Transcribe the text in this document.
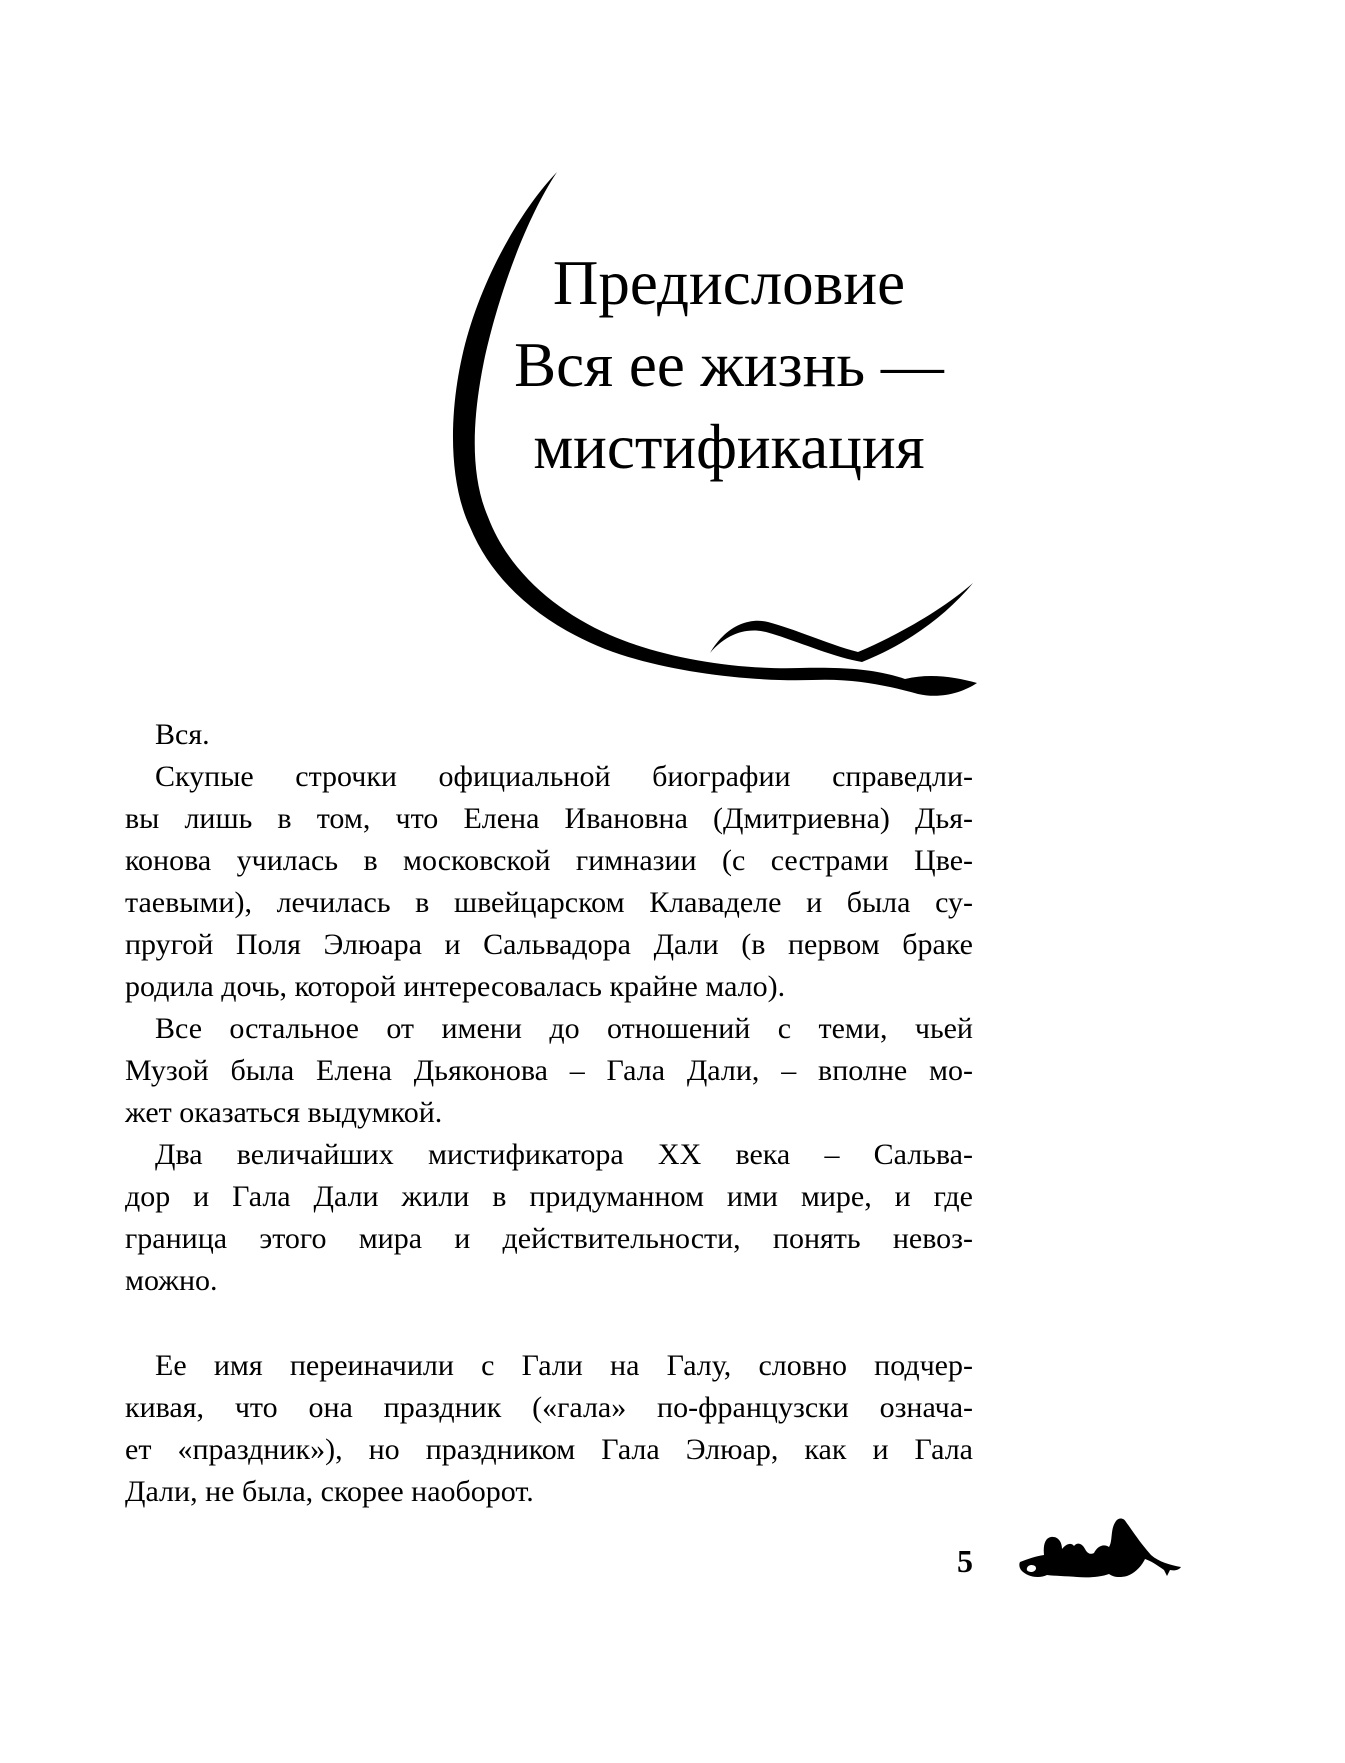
Предисловие
Вся ее жизнь —
мистификация
Вся.
Скупые строчки официальной биографии справедли-
вы лишь в том, что Елена Ивановна (Дмитриевна) Дья-
конова училась в московской гимназии (с сестрами Цве-
таевыми), лечилась в швейцарском Клаваделе и была су-
пругой Поля Элюара и Сальвадора Дали (в первом браке
родила дочь, которой интересовалась крайне мало).
Все остальное от имени до отношений с теми, чьей
Музой была Елена Дьяконова – Гала Дали, – вполне мо-
жет оказаться выдумкой.
Два величайших мистификатора XX века – Сальва-
дор и Гала Дали жили в придуманном ими мире, и где
граница этого мира и действительности, понять невоз-
можно.
Ее имя переиначили с Гали на Галу, словно подчер-
кивая, что она праздник («гала» по-французски означа-
ет «праздник»), но праздником Гала Элюар, как и Гала
Дали, не была, скорее наоборот.
5
